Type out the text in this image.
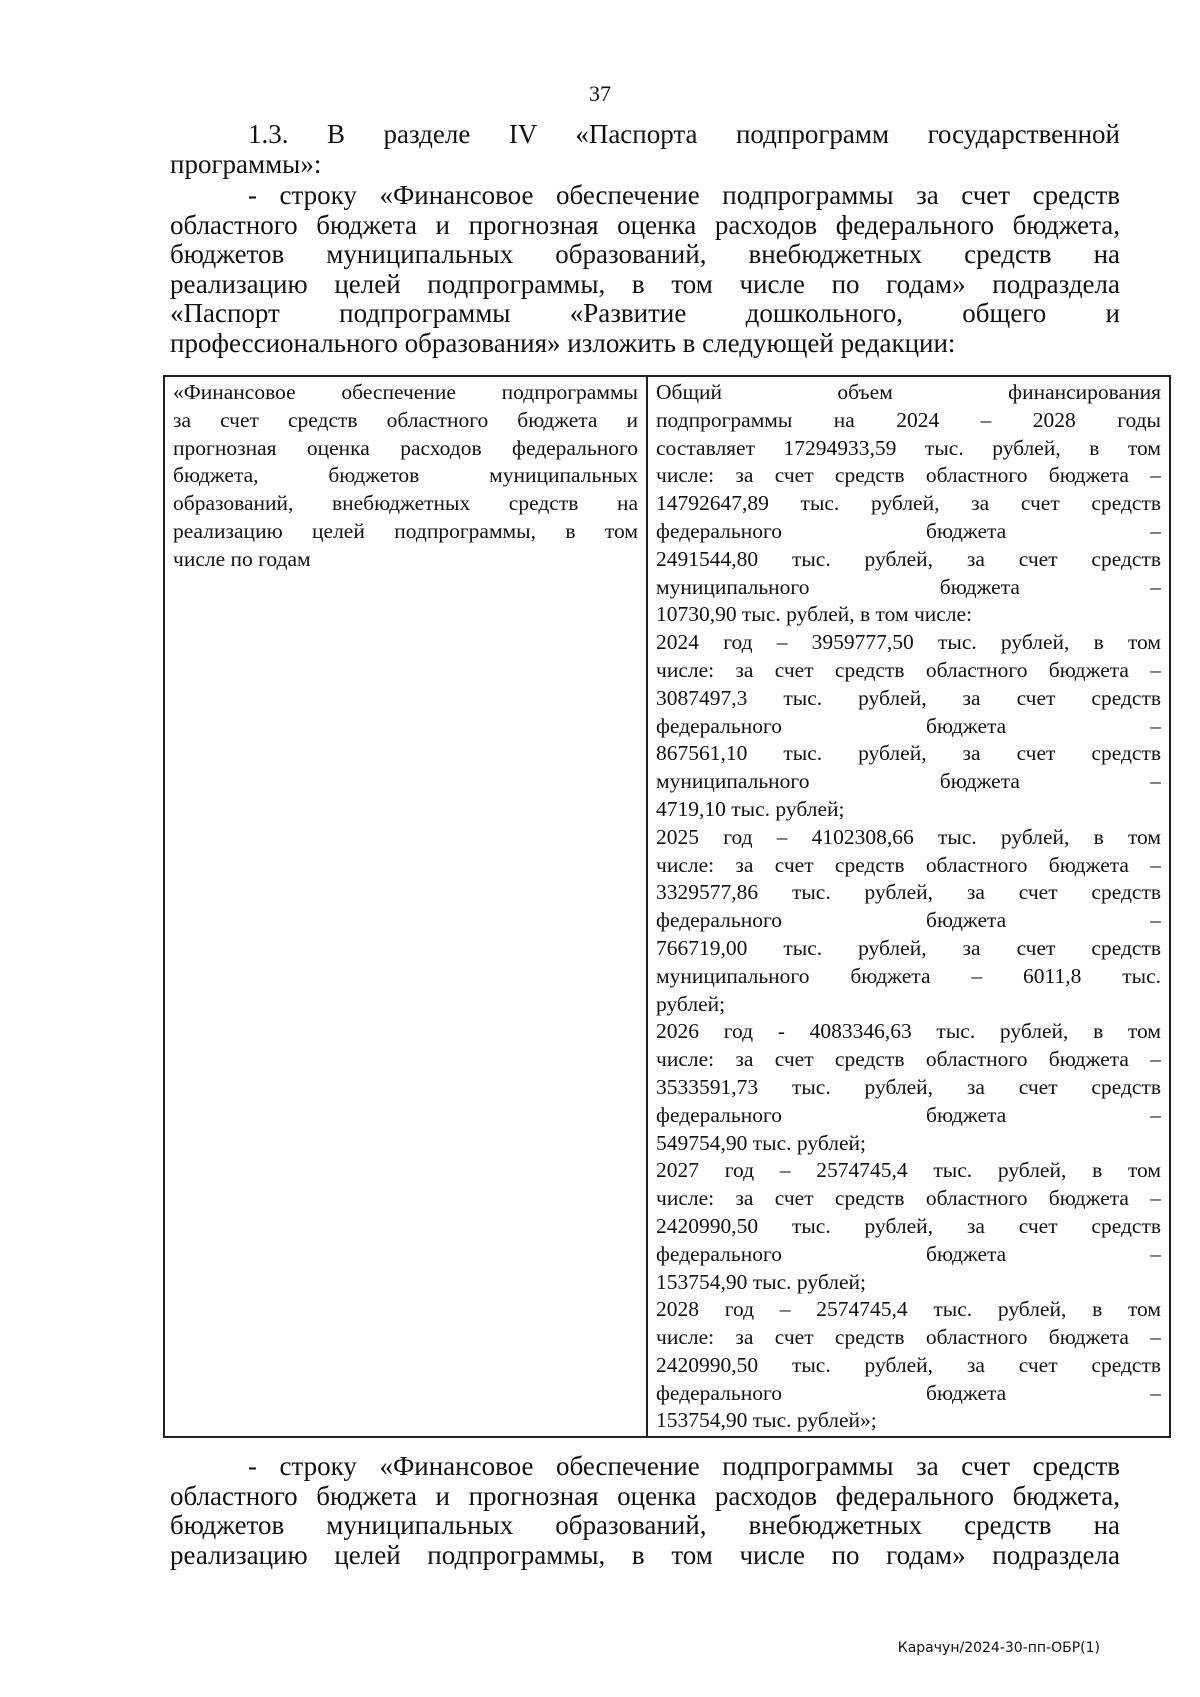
37
1.3. В разделе IV «Паспорта подпрограмм государственной
программы»:
- строку «Финансовое обеспечение подпрограммы за счет средств
областного бюджета и прогнозная оценка расходов федерального бюджета,
бюджетов муниципальных образований, внебюджетных средств на
реализацию целей подпрограммы, в том числе по годам» подраздела
«Паспорт подпрограммы «Развитие дошкольного, общего и
профессионального образования» изложить в следующей редакции:
«Финансовое обеспечение подпрограммы
за счет средств областного бюджета и
прогнозная оценка расходов федерального
бюджета, бюджетов муниципальных
образований, внебюджетных средств на
реализацию целей подпрограммы, в том
числе по годам

Общий объем финансирования
подпрограммы на 2024 – 2028 годы
составляет 17294933,59 тыс. рублей, в том
числе: за счет средств областного бюджета –
14792647,89 тыс. рублей, за счет средств
федерального бюджета –
2491544,80 тыс. рублей, за счет средств
муниципального бюджета –
10730,90 тыс. рублей, в том числе:
2024 год – 3959777,50 тыс. рублей, в том
числе: за счет средств областного бюджета –
3087497,3 тыс. рублей, за счет средств
федерального бюджета –
867561,10 тыс. рублей, за счет средств
муниципального бюджета –
4719,10 тыс. рублей;
2025 год – 4102308,66 тыс. рублей, в том
числе: за счет средств областного бюджета –
3329577,86 тыс. рублей, за счет средств
федерального бюджета –
766719,00 тыс. рублей, за счет средств
муниципального бюджета – 6011,8 тыс.
рублей;
2026 год - 4083346,63 тыс. рублей, в том
числе: за счет средств областного бюджета –
3533591,73 тыс. рублей, за счет средств
федерального бюджета –
549754,90 тыс. рублей;
2027 год – 2574745,4 тыс. рублей, в том
числе: за счет средств областного бюджета –
2420990,50 тыс. рублей, за счет средств
федерального бюджета –
153754,90 тыс. рублей;
2028 год – 2574745,4 тыс. рублей, в том
числе: за счет средств областного бюджета –
2420990,50 тыс. рублей, за счет средств
федерального бюджета –
153754,90 тыс. рублей»;
- строку «Финансовое обеспечение подпрограммы за счет средств
областного бюджета и прогнозная оценка расходов федерального бюджета,
бюджетов муниципальных образований, внебюджетных средств на
реализацию целей подпрограммы, в том числе по годам» подраздела
Карачун/2024-30-пп-ОБР(1)
